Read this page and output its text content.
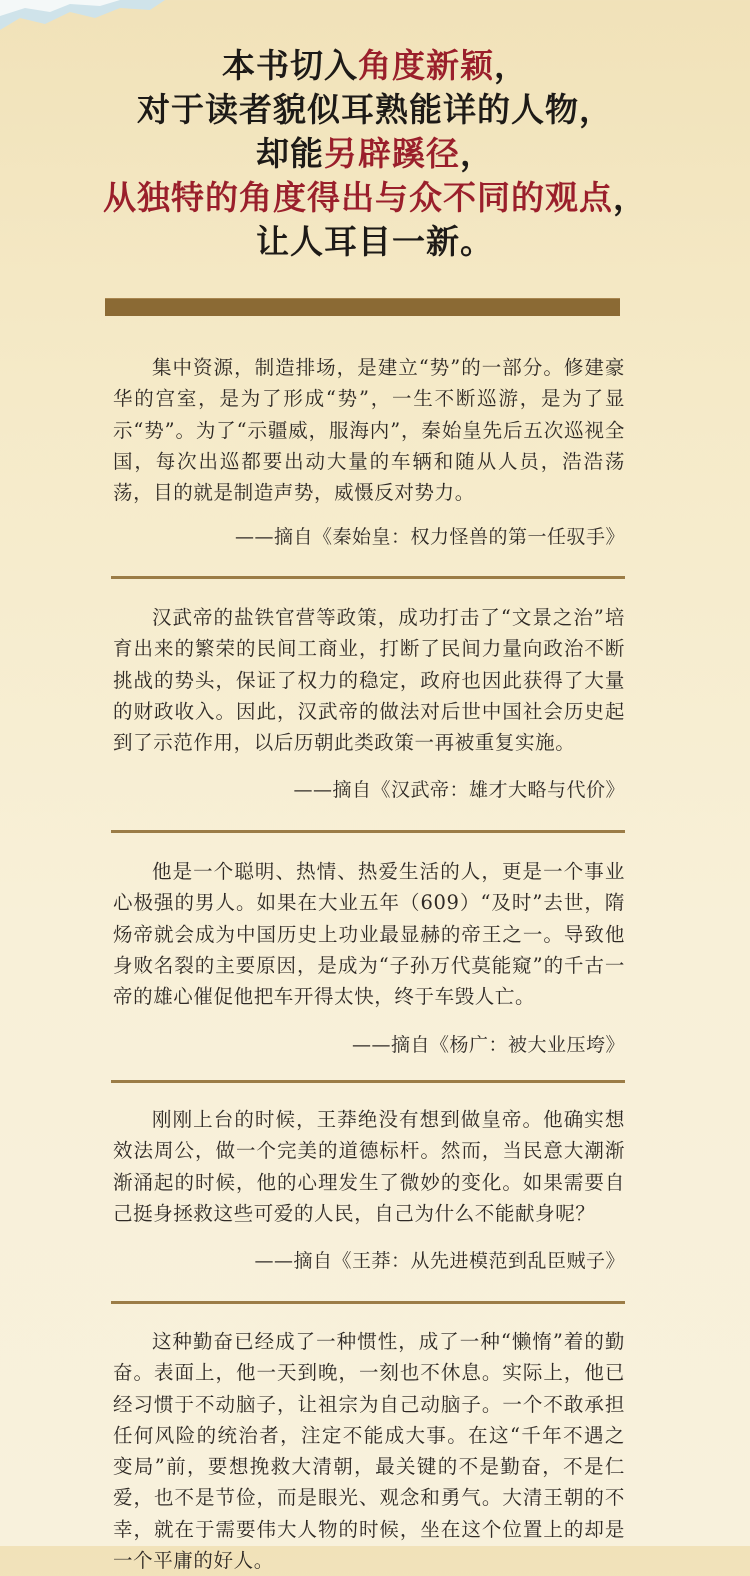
本书切入角度新颖，
对于读者貌似耳熟能详的人物，
却能另辟蹊径，
从独特的角度得出与众不同的观点，
让人耳目一新。

集中资源，制造排场，是建立“势”的一部分。修建豪华的宫室，是为了形成“势”，一生不断巡游，是为了显示“势”。为了“示疆威，服海内”，秦始皇先后五次巡视全国，每次出巡都要出动大量的车辆和随从人员，浩浩荡荡，目的就是制造声势，威慑反对势力。

——摘自《秦始皇：权力怪兽的第一任驭手》

汉武帝的盐铁官营等政策，成功打击了“文景之治”培育出来的繁荣的民间工商业，打断了民间力量向政治不断挑战的势头，保证了权力的稳定，政府也因此获得了大量的财政收入。因此，汉武帝的做法对后世中国社会历史起到了示范作用，以后历朝此类政策一再被重复实施。

——摘自《汉武帝：雄才大略与代价》

他是一个聪明、热情、热爱生活的人，更是一个事业心极强的男人。如果在大业五年（609）“及时”去世，隋炀帝就会成为中国历史上功业最显赫的帝王之一。导致他身败名裂的主要原因，是成为“子孙万代莫能窥”的千古一帝的雄心催促他把车开得太快，终于车毁人亡。

——摘自《杨广：被大业压垮》

刚刚上台的时候，王莽绝没有想到做皇帝。他确实想效法周公，做一个完美的道德标杆。然而，当民意大潮渐渐涌起的时候，他的心理发生了微妙的变化。如果需要自己挺身拯救这些可爱的人民，自己为什么不能献身呢？

——摘自《王莽：从先进模范到乱臣贼子》

这种勤奋已经成了一种惯性，成了一种“懒惰”着的勤奋。表面上，他一天到晚，一刻也不休息。实际上，他已经习惯于不动脑子，让祖宗为自己动脑子。一个不敢承担任何风险的统治者，注定不能成大事。在这“千年不遇之变局”前，要想挽救大清朝，最关键的不是勤奋，不是仁爱，也不是节俭，而是眼光、观念和勇气。大清王朝的不幸，就在于需要伟大人物的时候，坐在这个位置上的却是一个平庸的好人。
